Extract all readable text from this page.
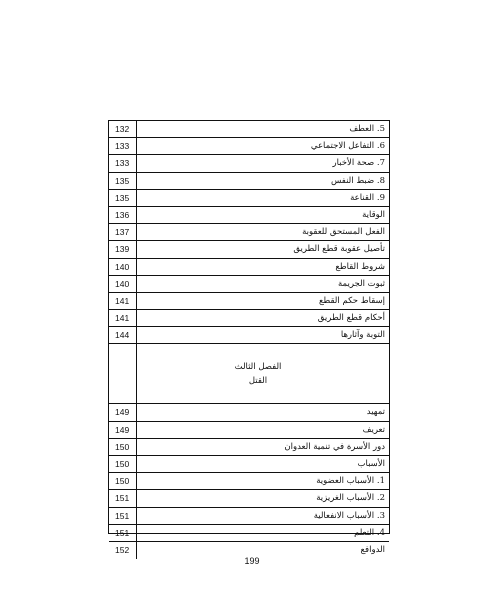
132	5. العطف
133	6. التفاعل الاجتماعي
133	7. صحة الأخبار
135	8. ضبط النفس
135	9. القناعة
136	الوقاية
137	الفعل المستحق للعقوبة
139	تأصيل عقوبة قطع الطريق
140	شروط القاطع
140	ثبوت الجريمة
141	إسقاط حكم القطع
141	أحكام قطع الطريق
144	التوبة وآثارها
الفصل الثالث
القتل
149	تمهيد
149	تعريف
150	دور الأسرة في تنمية العدوان
150	الأسباب
150	1. الأسباب العضوية
151	2. الأسباب الغريزية
151	3. الأسباب الانفعالية
151	4. التعلم
152	الدوافع
199
